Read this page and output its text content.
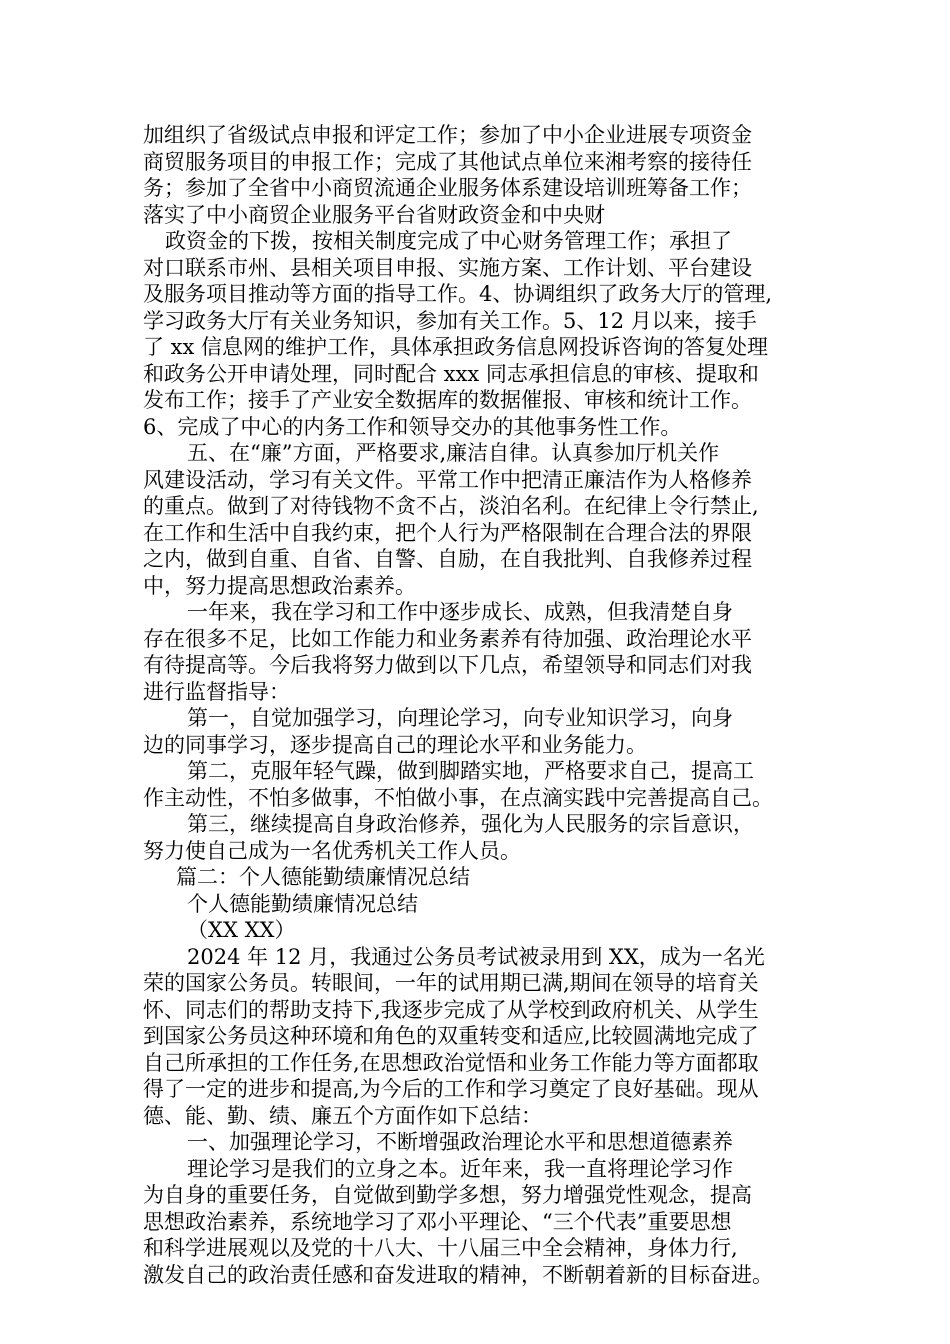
加组织了省级试点申报和评定工作；参加了中小企业进展专项资金

商贸服务项目的申报工作；完成了其他试点单位来湘考察的接待任

务；参加了全省中小商贸流通企业服务体系建设培训班筹备工作；

落实了中小商贸企业服务平台省财政资金和中央财

政资金的下拨，按相关制度完成了中心财务管理工作；承担了

对口联系市州、县相关项目申报、实施方案、工作计划、平台建设

及服务项目推动等方面的指导工作。4、协调组织了政务大厅的管理,

学习政务大厅有关业务知识，参加有关工作。5、12 月以来，接手

了 xx 信息网的维护工作，具体承担政务信息网投诉咨询的答复处理

和政务公开申请处理，同时配合 xxx 同志承担信息的审核、提取和

发布工作；接手了产业安全数据库的数据催报、审核和统计工作。

6、完成了中心的内务工作和领导交办的其他事务性工作。

五、在“廉”方面，严格要求,廉洁自律。认真参加厅机关作

风建设活动，学习有关文件。平常工作中把清正廉洁作为人格修养

的重点。做到了对待钱物不贪不占，淡泊名利。在纪律上令行禁止,

在工作和生活中自我约束，把个人行为严格限制在合理合法的界限

之内，做到自重、自省、自警、自励，在自我批判、自我修养过程

中，努力提高思想政治素养。

一年来，我在学习和工作中逐步成长、成熟，但我清楚自身

存在很多不足，比如工作能力和业务素养有待加强、政治理论水平

有待提高等。今后我将努力做到以下几点，希望领导和同志们对我

进行监督指导：

第一，自觉加强学习，向理论学习，向专业知识学习，向身

边的同事学习，逐步提高自己的理论水平和业务能力。

第二，克服年轻气躁，做到脚踏实地，严格要求自己，提高工

作主动性，不怕多做事，不怕做小事，在点滴实践中完善提高自己。

第三，继续提高自身政治修养，强化为人民服务的宗旨意识，

努力使自己成为一名优秀机关工作人员。

篇二：个人德能勤绩廉情况总结

个人德能勤绩廉情况总结

（XX XX）

2024 年 12 月，我通过公务员考试被录用到 XX，成为一名光

荣的国家公务员。转眼间，一年的试用期已满,期间在领导的培育关

怀、同志们的帮助支持下,我逐步完成了从学校到政府机关、从学生

到国家公务员这种环境和角色的双重转变和适应,比较圆满地完成了

自己所承担的工作任务,在思想政治觉悟和业务工作能力等方面都取

得了一定的进步和提高,为今后的工作和学习奠定了良好基础。现从

德、能、勤、绩、廉五个方面作如下总结：

一、加强理论学习，不断增强政治理论水平和思想道德素养

理论学习是我们的立身之本。近年来，我一直将理论学习作

为自身的重要任务，自觉做到勤学多想，努力增强党性观念，提高

思想政治素养，系统地学习了邓小平理论、“三个代表”重要思想

和科学进展观以及党的十八大、十八届三中全会精神，身体力行,

激发自己的政治责任感和奋发进取的精神，不断朝着新的目标奋进。
